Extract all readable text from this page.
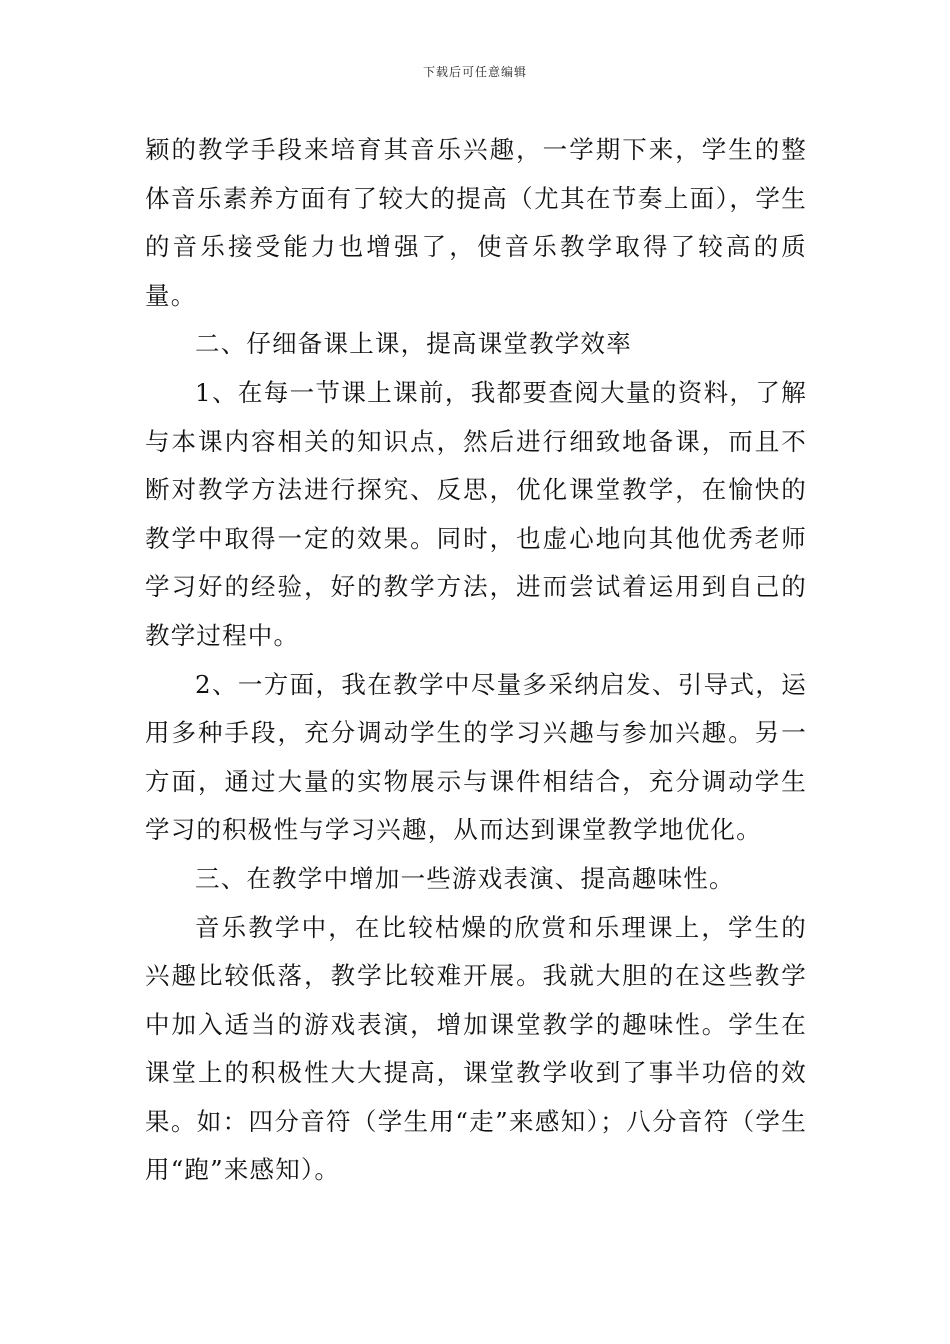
下载后可任意编辑

颖的教学手段来培育其音乐兴趣，一学期下来，学生的整体音乐素养方面有了较大的提高（尤其在节奏上面），学生的音乐接受能力也增强了，使音乐教学取得了较高的质量。

二、仔细备课上课，提高课堂教学效率

1、在每一节课上课前，我都要查阅大量的资料，了解与本课内容相关的知识点，然后进行细致地备课，而且不断对教学方法进行探究、反思，优化课堂教学，在愉快的教学中取得一定的效果。同时，也虚心地向其他优秀老师学习好的经验，好的教学方法，进而尝试着运用到自己的教学过程中。

2、一方面，我在教学中尽量多采纳启发、引导式，运用多种手段，充分调动学生的学习兴趣与参加兴趣。另一方面，通过大量的实物展示与课件相结合，充分调动学生学习的积极性与学习兴趣，从而达到课堂教学地优化。

三、在教学中增加一些游戏表演、提高趣味性。

音乐教学中，在比较枯燥的欣赏和乐理课上，学生的兴趣比较低落，教学比较难开展。我就大胆的在这些教学中加入适当的游戏表演，增加课堂教学的趣味性。学生在课堂上的积极性大大提高，课堂教学收到了事半功倍的效果。如：四分音符（学生用“走”来感知）；八分音符（学生用“跑”来感知）。
